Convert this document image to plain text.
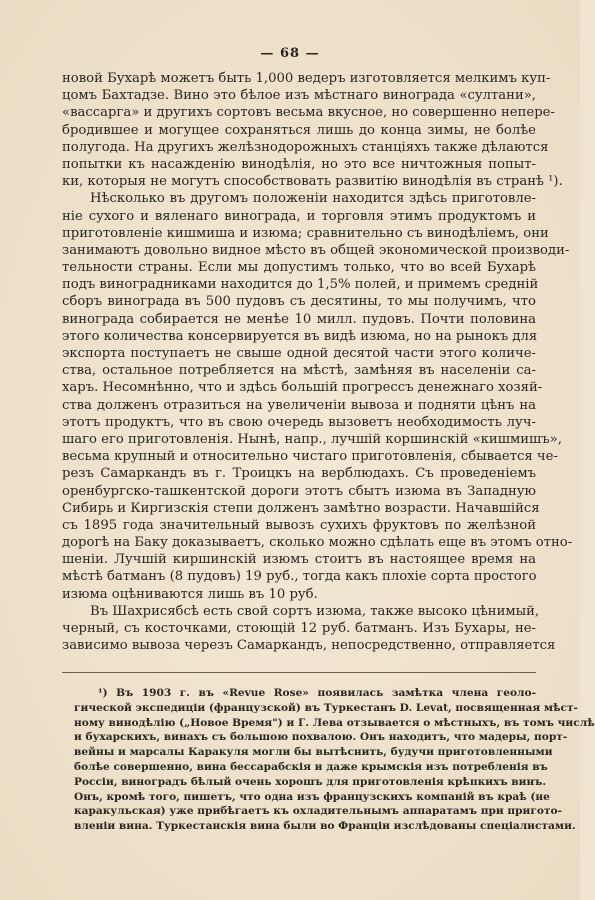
— 68 —
новой Бухарѣ можетъ быть 1,000 ведеръ изготовляется мелкимъ куп-
цомъ Бахтадзе. Вино это бѣлое изъ мѣстнаго винограда «султани»,
«вассарга» и другихъ сортовъ весьма вкусное, но совершенно непере-
бродившее и могущее сохраняться лишь до конца зимы, не болѣе
полугода. На другихъ желѣзнодорожныхъ станціяхъ также дѣлаются
попытки къ насажденію винодѣлія, но это все ничтожныя попыт-
ки, которыя не могутъ способствовать развитію винодѣлія въ странѣ ¹).
Нѣсколько въ другомъ положеніи находится здѣсь приготовле-
ніе сухого и вяленаго винограда, и торговля этимъ продуктомъ и
приготовленіе кишмиша и изюма; сравнительно съ винодѣліемъ, они
занимаютъ довольно видное мѣсто въ общей экономической производи-
тельности страны. Если мы допустимъ только, что во всей Бухарѣ
подъ виноградниками находится до 1,5% полей, и примемъ средній
сборъ винограда въ 500 пудовъ съ десятины, то мы получимъ, что
винограда собирается не менѣе 10 милл. пудовъ. Почти половина
этого количества консервируется въ видѣ изюма, но на рынокъ для
экспорта поступаетъ не свыше одной десятой части этого количе-
ства, остальное потребляется на мѣстѣ, замѣняя въ населеніи са-
харъ. Несомнѣнно, что и здѣсь большій прогрессъ денежнаго хозяй-
ства долженъ отразиться на увеличеніи вывоза и подняти цѣнъ на
этотъ продуктъ, что въ свою очередь вызоветъ необходимость луч-
шаго его приготовленія. Нынѣ, напр., лучшій коршинскій «кишмишъ»,
весьма крупный и относительно чистаго приготовленія, сбывается че-
резъ Самаркандъ въ г. Троицкъ на верблюдахъ. Съ проведеніемъ
оренбургско-ташкентской дороги этотъ сбытъ изюма въ Западную
Сибирь и Киргизскія степи долженъ замѣтно возрасти. Начавшійся
съ 1895 года значительный вывозъ сухихъ фруктовъ по желѣзной
дорогѣ на Баку доказываетъ, сколько можно сдѣлать еще въ этомъ отно-
шеніи. Лучшій киршинскій изюмъ стоитъ въ настоящее время на
мѣстѣ батманъ (8 пудовъ) 19 руб., тогда какъ плохіе сорта простого
изюма оцѣниваются лишь въ 10 руб.
Въ Шахрисябсѣ есть свой сортъ изюма, также высоко цѣнимый,
черный, съ косточками, стоющій 12 руб. батманъ. Изъ Бухары, не-
зависимо вывоза черезъ Самаркандъ, непосредственно, отправляется
¹) Въ 1903 г. въ «Revue Rose» появилась замѣтка члена геоло-
гической экспедиціи (французской) въ Туркестанъ D. Levat, посвященная мѣст-
ному винодѣлію („Новое Время") и Г. Лева отзывается о мѣстныхъ, въ томъ числѣ
и бухарскихъ, винахъ съ большою похвалою. Онъ находитъ, что мадеры, порт-
вейны и марсалы Каракуля могли бы вытѣснить, будучи приготовленными
болѣе совершенно, вина бессарабскія и даже крымскія изъ потребленія въ
Россіи, виноградъ бѣлый очень хорошъ для приготовленія крѣпкихъ винъ.
Онъ, кромѣ того, пишетъ, что одна изъ французскихъ компаній въ краѣ (не
каракульская) уже прибѣгаетъ къ охладительнымъ аппаратамъ при пригото-
вленіи вина. Туркестанскія вина были во Франціи изслѣдованы спеціалистами.
